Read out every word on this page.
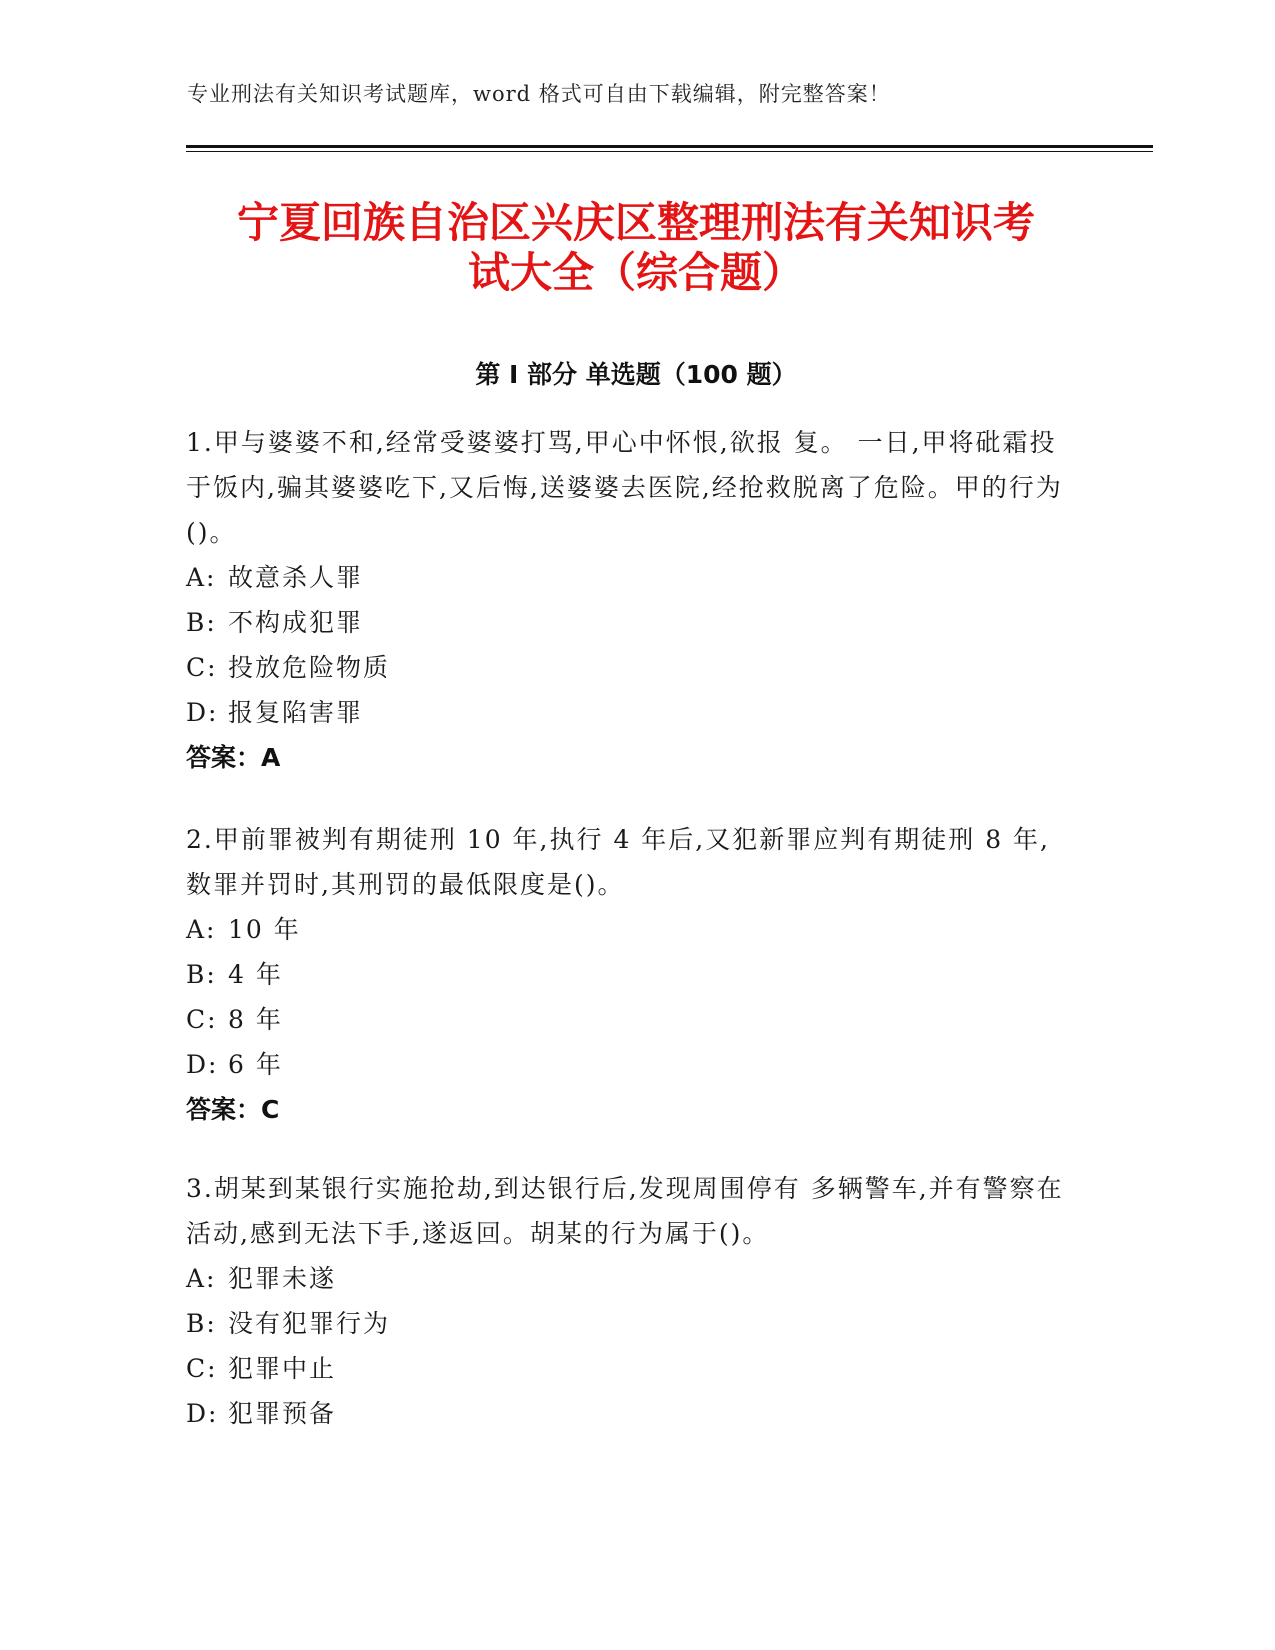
专业刑法有关知识考试题库，word 格式可自由下载编辑，附完整答案！
宁夏回族自治区兴庆区整理刑法有关知识考
试大全（综合题）
第 I 部分 单选题（100 题）
1.甲与婆婆不和,经常受婆婆打骂,甲心中怀恨,欲报 复。 一日,甲将砒霜投于饭内,骗其婆婆吃下,又后悔,送婆婆去医院,经抢救脱离了危险。甲的行为()。
A: 故意杀人罪
B: 不构成犯罪
C: 投放危险物质
D: 报复陷害罪
答案：A
2.甲前罪被判有期徒刑 10 年,执行 4 年后,又犯新罪应判有期徒刑 8 年,数罪并罚时,其刑罚的最低限度是()。
A: 10 年
B: 4 年
C: 8 年
D: 6 年
答案：C
3.胡某到某银行实施抢劫,到达银行后,发现周围停有 多辆警车,并有警察在活动,感到无法下手,遂返回。胡某的行为属于()。
A: 犯罪未遂
B: 没有犯罪行为
C: 犯罪中止
D: 犯罪预备
